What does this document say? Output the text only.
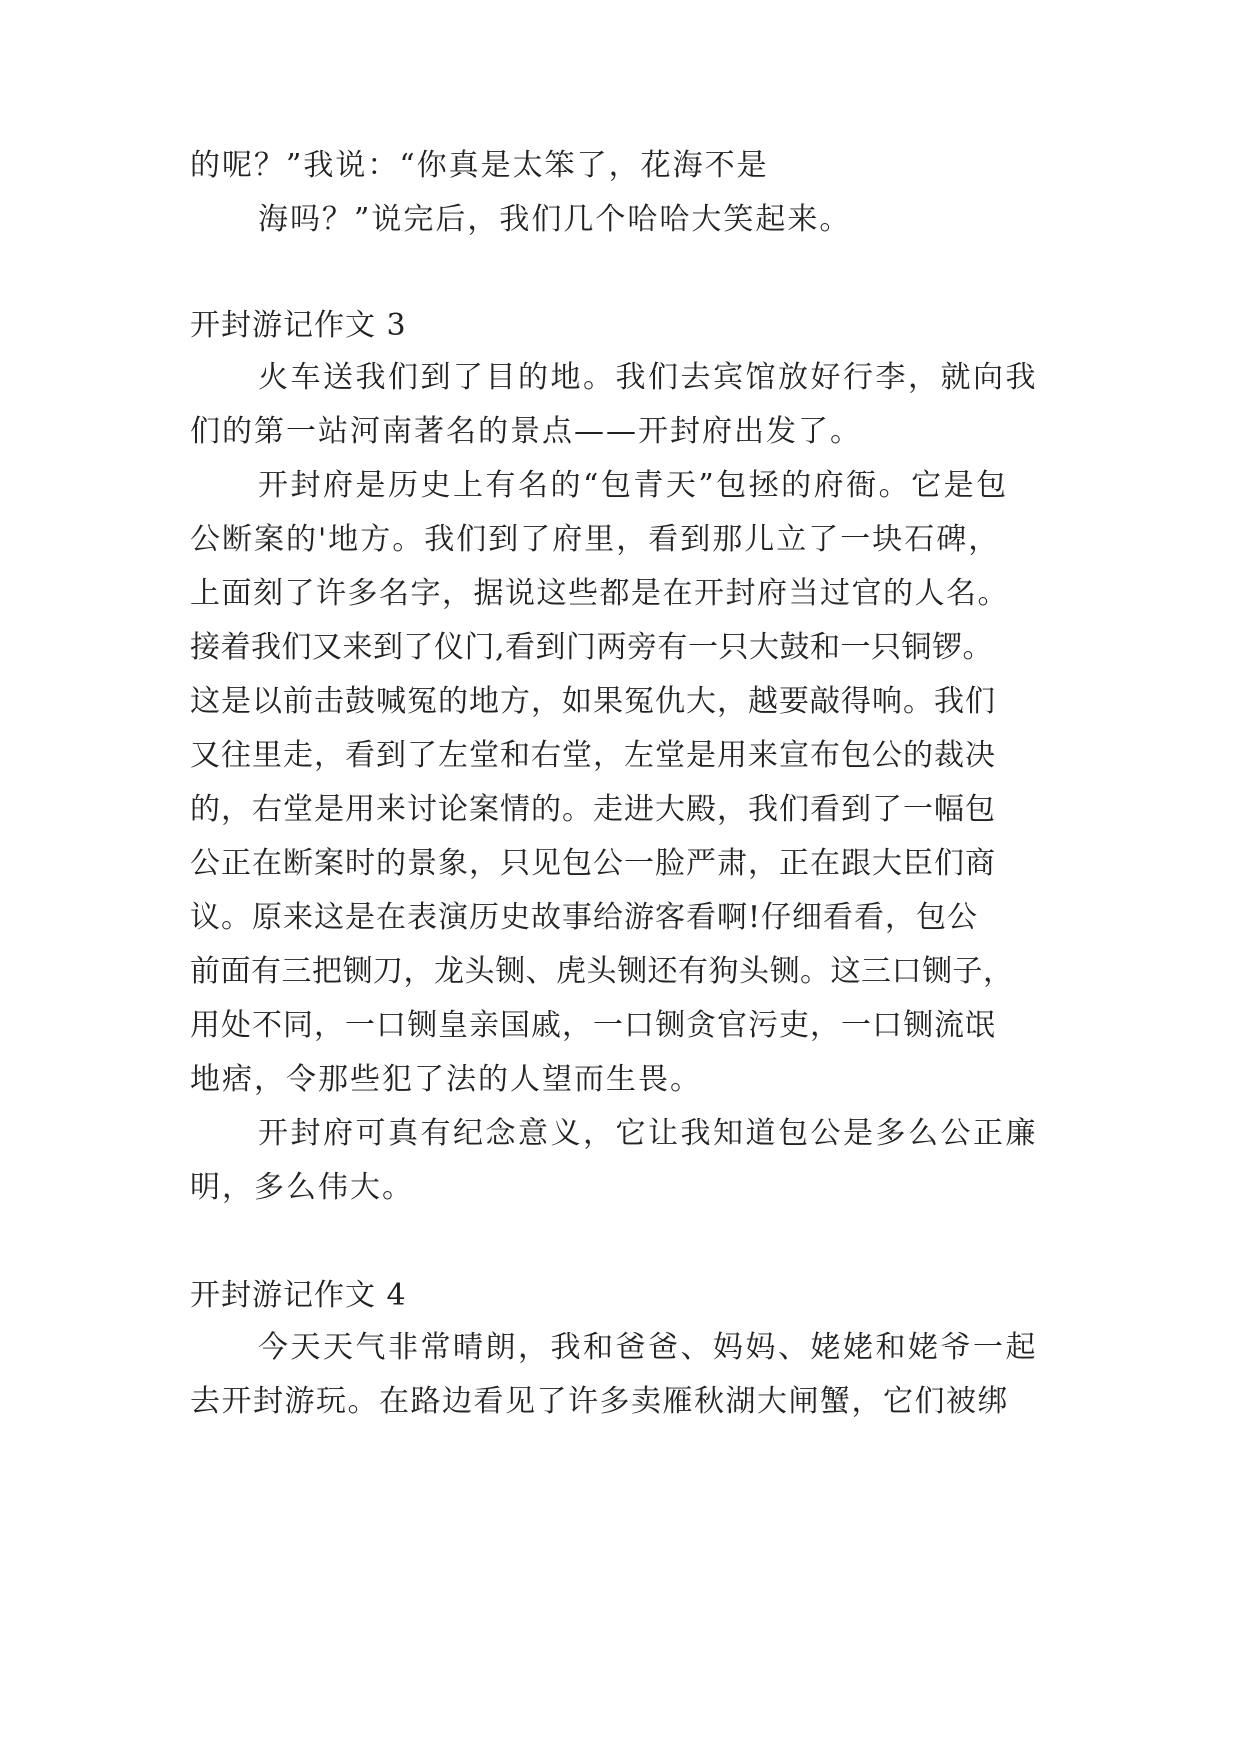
的呢？”我说：“你真是太笨了，花海不是
海吗？”说完后，我们几个哈哈大笑起来。
开封游记作文 3
火车送我们到了目的地。我们去宾馆放好行李，就向我
们的第一站河南著名的景点——开封府出发了。
开封府是历史上有名的“包青天”包拯的府衙。它是包
公断案的'地方。我们到了府里，看到那儿立了一块石碑，
上面刻了许多名字，据说这些都是在开封府当过官的人名。
接着我们又来到了仪门,看到门两旁有一只大鼓和一只铜锣。
这是以前击鼓喊冤的地方，如果冤仇大，越要敲得响。我们
又往里走，看到了左堂和右堂，左堂是用来宣布包公的裁决
的，右堂是用来讨论案情的。走进大殿，我们看到了一幅包
公正在断案时的景象，只见包公一脸严肃，正在跟大臣们商
议。原来这是在表演历史故事给游客看啊!仔细看看，包公
前面有三把铡刀，龙头铡、虎头铡还有狗头铡。这三口铡子，
用处不同，一口铡皇亲国戚，一口铡贪官污吏，一口铡流氓
地痞，令那些犯了法的人望而生畏。
开封府可真有纪念意义，它让我知道包公是多么公正廉
明，多么伟大。
开封游记作文 4
今天天气非常晴朗，我和爸爸、妈妈、姥姥和姥爷一起
去开封游玩。在路边看见了许多卖雁秋湖大闸蟹，它们被绑
